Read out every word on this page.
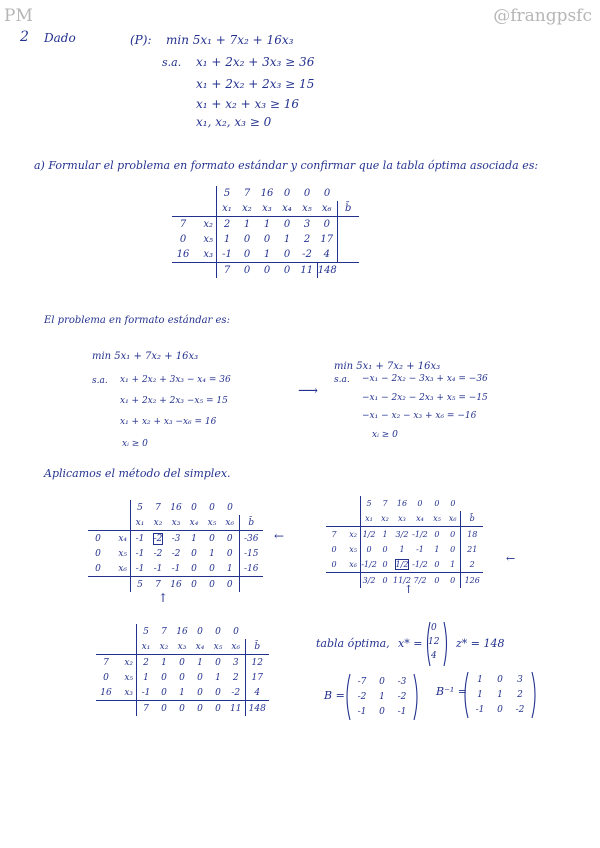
PM	@frangpsfc
2 Dado	(P): min 5x₁ + 7x₂ + 16x₃
s.a. x₁ + 2x₂ + 3x₃ ≥ 36
x₁ + 2x₂ + 2x₃ ≥ 15
x₁ + x₂ + x₃ ≥ 16
x₁, x₂, x₃ ≥ 0
a) Formular el problema en formato estándar y confirmar que la tabla óptima asociada es:
		5	7	16	0	0	0	
		x₁	x₂	x₃	x₄	x₅	x₆	b̄
7	x₂	2	1	1	0	3	0	
0	x₅	1	0	0	1	2	17	
16	x₃	-1	0	1	0	-2	4	
		7	0	0	0	11	148	
El problema en formato estándar es:
min 5x₁ + 7x₂ + 16x₃
s.a. x₁ + 2x₂ + 3x₃ − x₄ = 36
x₁ + 2x₂ + 2x₃ −x₅ = 15
x₁ + x₂ + x₃ −x₆ = 16
xᵢ ≥ 0
⟶
min 5x₁ + 7x₂ + 16x₃
s.a. −x₁ − 2x₂ − 3x₃ + x₄ = −36
−x₁ − 2x₂ − 2x₃ + x₅ = −15
−x₁ − x₂ − x₃ + x₆ = −16
xᵢ ≥ 0
Aplicamos el método del simplex.
		5	7	16	0	0	0	
		x₁	x₂	x₃	x₄	x₅	x₆	b̄
0	x₄	-1	-2	-3	1	0	0	-36
0	x₅	-1	-2	-2	0	1	0	-15
0	x₆	-1	-1	-1	0	0	1	-16
		5	7	16	0	0	0	
←
↑
		5	7	16	0	0	0	
		x₁	x₂	x₃	x₄	x₅	x₆	b̄
7	x₂	1/2	1	3/2	-1/2	0	0	18
0	x₅	0	0	1	-1	1	0	21
0	x₆	-1/2	0	1/2	-1/2	0	1	2
		3/2	0	11/2	7/2	0	0	126
←
↑
		5	7	16	0	0	0	
		x₁	x₂	x₃	x₄	x₅	x₆	b̄
7	x₂	2	1	0	1	0	3	12
0	x₅	1	0	0	0	1	2	17
16	x₃	-1	0	1	0	0	-2	4
		7	0	0	0	0	11	148
tabla óptima, x* =
0
12
4
z* = 148
B =
-7	0	-3
-2	1	-2
-1	0	-1
B⁻¹ =
1	0	3
1	1	2
-1	0	-2
